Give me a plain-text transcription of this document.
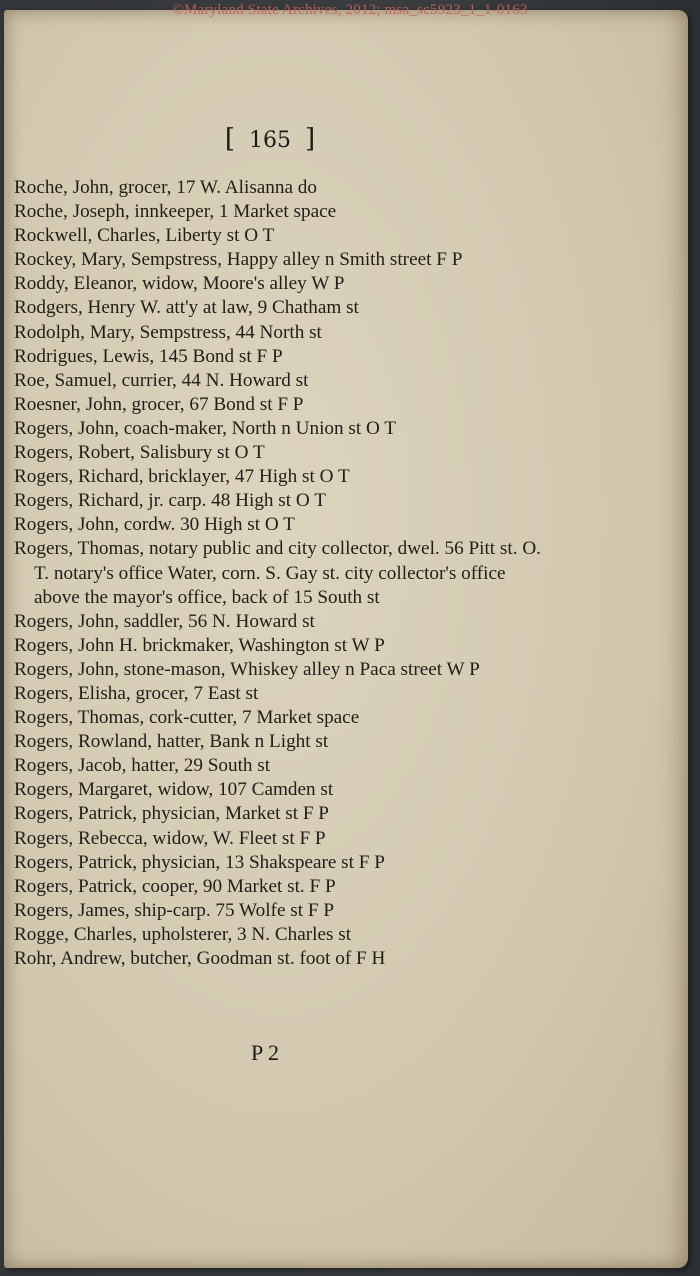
©Maryland State Archives, 2012; msa_sc5923_1_1-0163
[ 165 ]
Roche, John, grocer, 17 W. Alisanna do
Roche, Joseph, innkeeper, 1 Market space
Rockwell, Charles, Liberty st O T
Rockey, Mary, Sempstress, Happy alley n Smith street F P
Roddy, Eleanor, widow, Moore's alley W P
Rodgers, Henry W. att'y at law, 9 Chatham st
Rodolph, Mary, Sempstress, 44 North st
Rodrigues, Lewis, 145 Bond st F P
Roe, Samuel, currier, 44 N. Howard st
Roesner, John, grocer, 67 Bond st F P
Rogers, John, coach-maker, North n Union st O T
Rogers, Robert, Salisbury st O T
Rogers, Richard, bricklayer, 47 High st O T
Rogers, Richard, jr. carp. 48 High st O T
Rogers, John, cordw. 30 High st O T
Rogers, Thomas, notary public and city collector, dwel. 56 Pitt st. O. T. notary's office Water, corn. S. Gay st. city collector's office above the mayor's office, back of 15 South st
Rogers, John, saddler, 56 N. Howard st
Rogers, John H. brickmaker, Washington st W P
Rogers, John, stone-mason, Whiskey alley n Paca street W P
Rogers, Elisha, grocer, 7 East st
Rogers, Thomas, cork-cutter, 7 Market space
Rogers, Rowland, hatter, Bank n Light st
Rogers, Jacob, hatter, 29 South st
Rogers, Margaret, widow, 107 Camden st
Rogers, Patrick, physician, Market st F P
Rogers, Rebecca, widow, W. Fleet st F P
Rogers, Patrick, physician, 13 Shakspeare st F P
Rogers, Patrick, cooper, 90 Market st. F P
Rogers, James, ship-carp. 75 Wolfe st F P
Rogge, Charles, upholsterer, 3 N. Charles st
Rohr, Andrew, butcher, Goodman st. foot of F H
P 2
